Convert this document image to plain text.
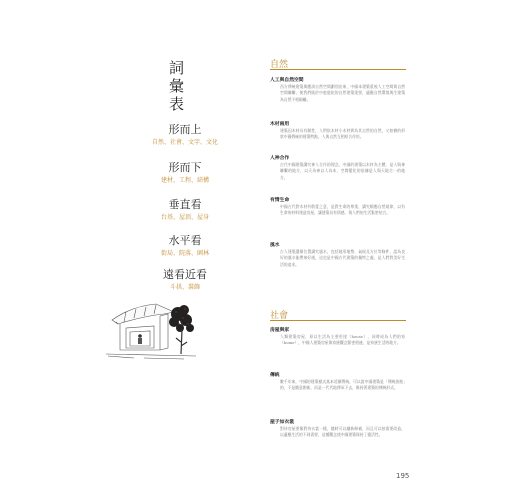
詞彙表
形而上
自然、社會、文字、文化
形而下
建材、工程、結構
垂直看
台基、屋頂、屋身
水平看
街局、院落、園林
遠看近看
斗拱、裝飾
自然
人工與自然空間
西方傳統建築與應該自然空間劃別出來，中國本建築重視人工空間與自然空間聯繫，使我們既於中庭庭院的自然建築重要，適應自然環境與生建築為自然不相隔離。
木材兩用
建築因木材具有韌性，人們依木材小木材實為其自然的自然，又如樹的形狀中國傳統的建築特點，人與自然互相結合作用。
人神合作
古代中國建築講究神人合作的理念，中國的建築以木材為主體，是人與神聯繫的地方，以天為神以人為本，空間變化的依據是人與天地合一的地方。
有情生命
中國古代對木材有敬愛之意，是對生命的尊重，講究順應自然規律，以有生命的材料建造房屋，讓建築具有情感，與人們的生活緊密結合。
風水
古人建築選擇位置講究風水，包括地形地勢、氣候及方位等條件，認為良好的風水能帶來好運，這也是中國古代建築的獨特之處，是人們對美好生活的追求。
社會
房屋與家
人類建築房屋，原以生活為主要用途（house），同時成為人們的家（home），中國人建築房屋與家族觀念緊密相連，是家族生活的地方。
傳統
數千年來，中國的建築樣式基本延續傳統，可以說中國建築是「傳統演進」的，不是隨意創新，而是一代代地傳承下去，維持著建築的傳統形式。
屋子如衣裳
對待房屋要像對待衣裳一樣，隨時可以翻新修補，而且可以按需要改造，以適應生活的不同需要，這種觀念使中國建築保持了靈活性。
195
